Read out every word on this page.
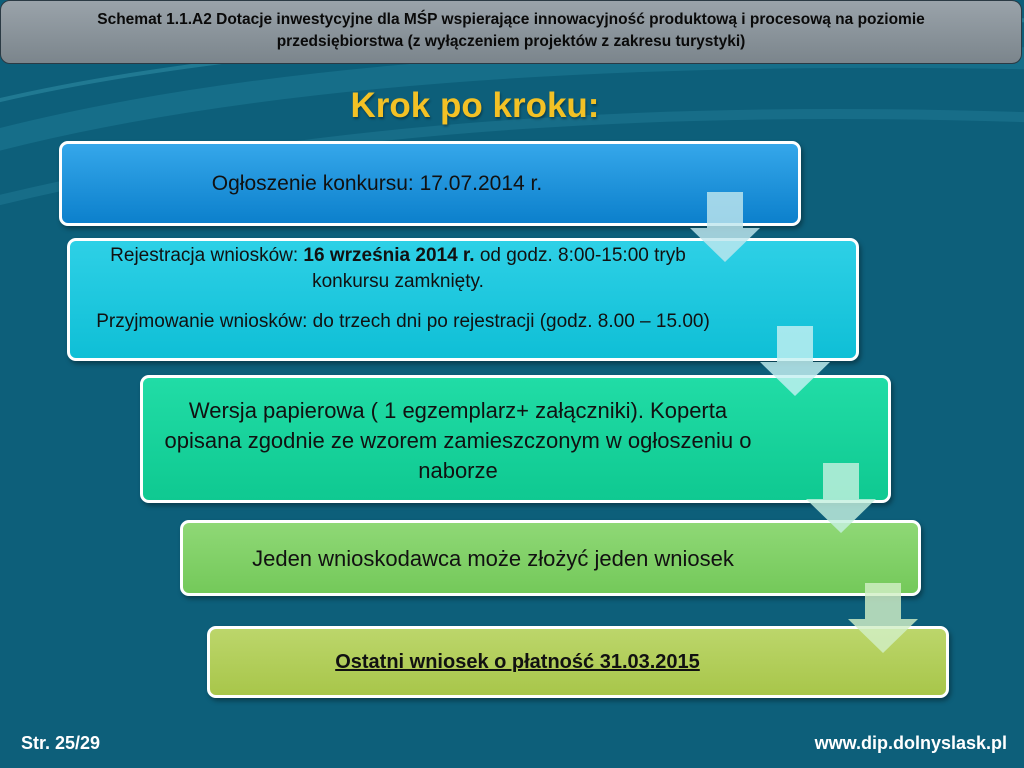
Schemat 1.1.A2 Dotacje inwestycyjne dla MŚP wspierające innowacyjność produktową i procesową na poziomie
przedsiębiorstwa (z wyłączeniem projektów z zakresu turystyki)
Krok po kroku:
Ogłoszenie konkursu: 17.07.2014 r.
Rejestracja wniosków: 16 września 2014 r. od godz. 8:00-15:00 tryb konkursu zamknięty.
Przyjmowanie wniosków: do trzech dni po rejestracji (godz. 8.00 – 15.00)
Wersja papierowa ( 1 egzemplarz+ załączniki). Koperta opisana zgodnie ze wzorem zamieszczonym w ogłoszeniu o naborze
Jeden wnioskodawca może złożyć jeden wniosek
Ostatni wniosek o płatność 31.03.2015
Str. 25/29	www.dip.dolnyslask.pl
